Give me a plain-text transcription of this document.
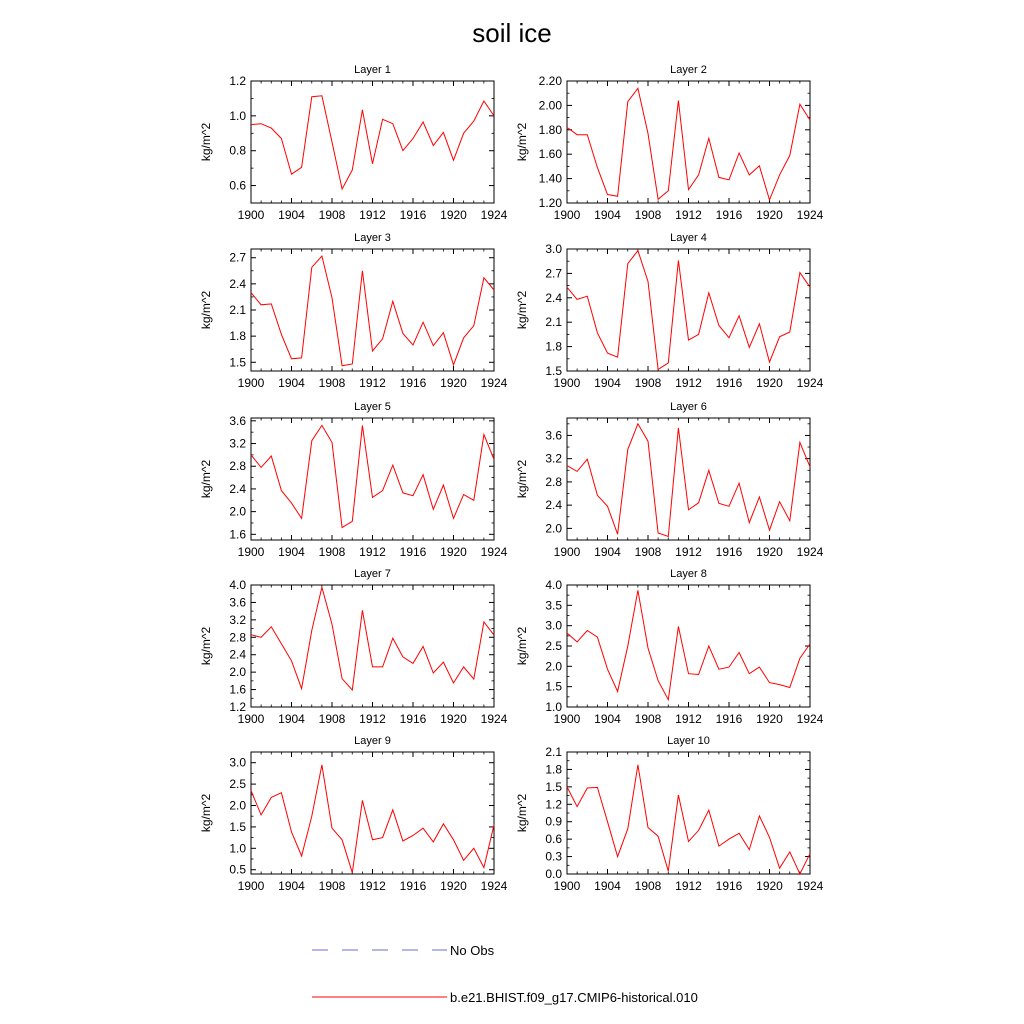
soil ice
Layer 1
kg/m^2
1900 1904 1908 1912 1916 1920 1924
0.6
0.8
1.0
1.2
Layer 2
kg/m^2
1900 1904 1908 1912 1916 1920 1924
1.20
1.40
1.60
1.80
2.00
2.20
Layer 3
kg/m^2
1900 1904 1908 1912 1916 1920 1924
1.5
1.8
2.1
2.4
2.7
Layer 4
kg/m^2
1900 1904 1908 1912 1916 1920 1924
1.5
1.8
2.1
2.4
2.7
3.0
Layer 5
kg/m^2
1900 1904 1908 1912 1916 1920 1924
1.6
2.0
2.4
2.8
3.2
3.6
Layer 6
kg/m^2
1900 1904 1908 1912 1916 1920 1924
2.0
2.4
2.8
3.2
3.6
Layer 7
kg/m^2
1900 1904 1908 1912 1916 1920 1924
1.2
1.6
2.0
2.4
2.8
3.2
3.6
4.0
Layer 8
kg/m^2
1900 1904 1908 1912 1916 1920 1924
1.0
1.5
2.0
2.5
3.0
3.5
4.0
Layer 9
kg/m^2
1900 1904 1908 1912 1916 1920 1924
0.5
1.0
1.5
2.0
2.5
3.0
Layer 10
kg/m^2
1900 1904 1908 1912 1916 1920 1924
0.0
0.3
0.6
0.9
1.2
1.5
1.8
2.1
No Obs
b.e21.BHIST.f09_g17.CMIP6-historical.010
